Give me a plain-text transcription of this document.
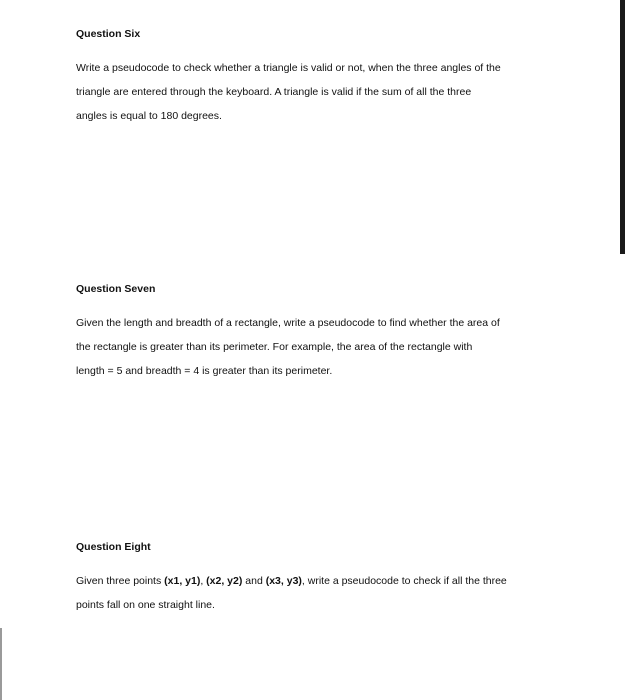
Question Six

Write a pseudocode to check whether a triangle is valid or not, when the three angles of the
triangle are entered through the keyboard. A triangle is valid if the sum of all the three
angles is equal to 180 degrees.

Question Seven

Given the length and breadth of a rectangle, write a pseudocode to find whether the area of
the rectangle is greater than its perimeter. For example, the area of the rectangle with
length = 5 and breadth = 4 is greater than its perimeter.

Question Eight

Given three points (x1, y1), (x2, y2) and (x3, y3), write a pseudocode to check if all the three
points fall on one straight line.
